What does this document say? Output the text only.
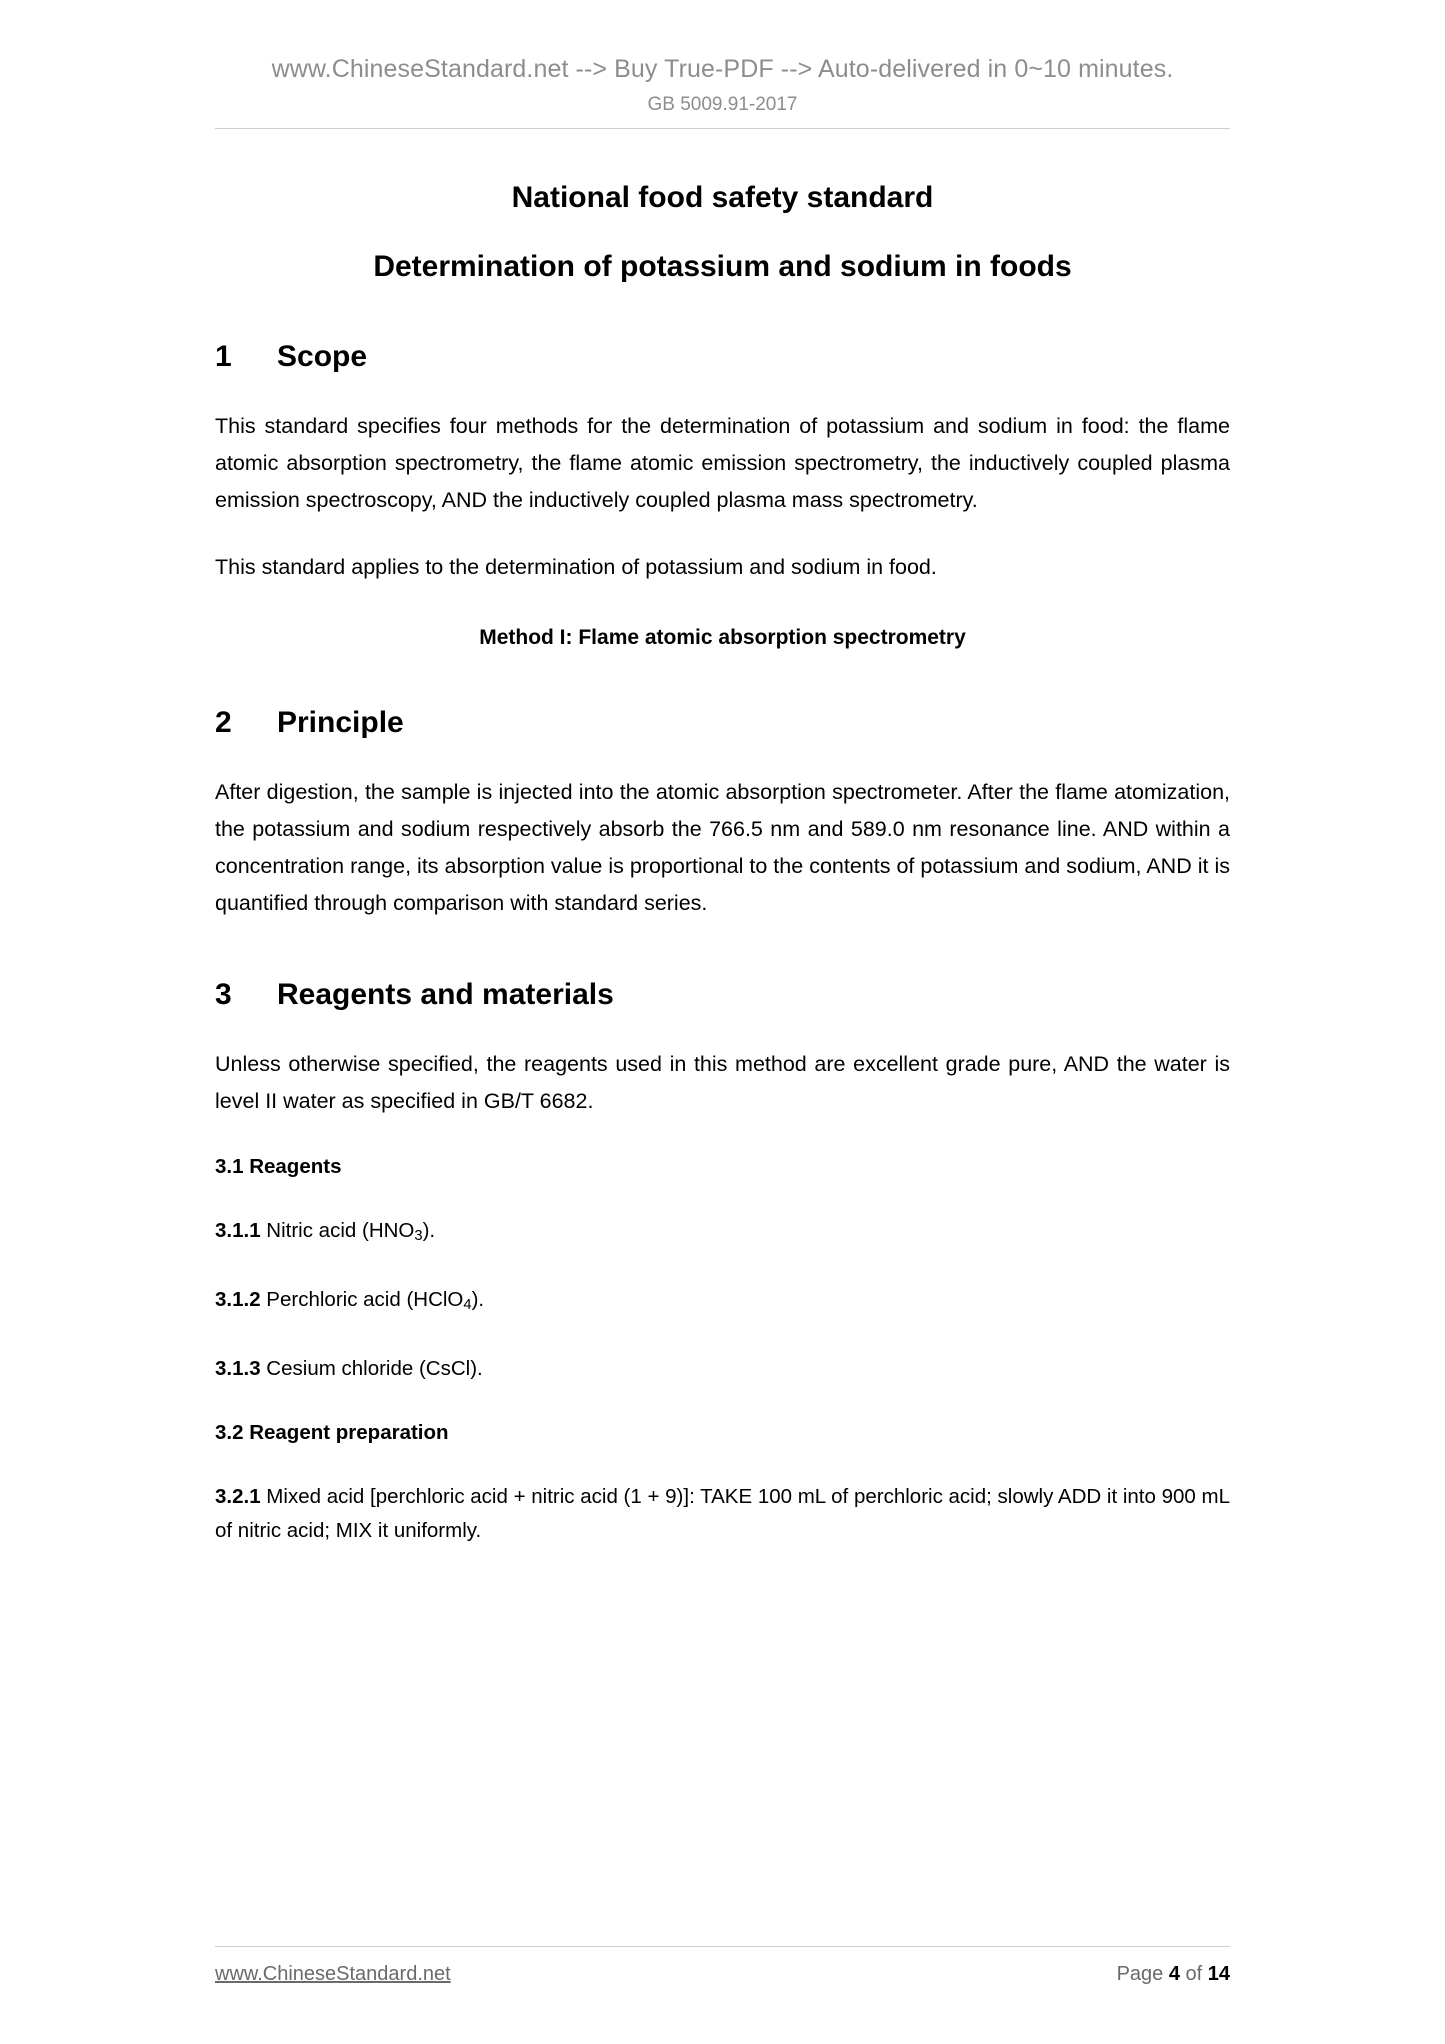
www.ChineseStandard.net --> Buy True-PDF --> Auto-delivered in 0~10 minutes.
GB 5009.91-2017
National food safety standard
Determination of potassium and sodium in foods
1	Scope

This standard specifies four methods for the determination of potassium and sodium in food: the flame atomic absorption spectrometry, the flame atomic emission spectrometry, the inductively coupled plasma emission spectroscopy, AND the inductively coupled plasma mass spectrometry.

This standard applies to the determination of potassium and sodium in food.

Method I: Flame atomic absorption spectrometry
2	Principle

After digestion, the sample is injected into the atomic absorption spectrometer. After the flame atomization, the potassium and sodium respectively absorb the 766.5 nm and 589.0 nm resonance line. AND within a concentration range, its absorption value is proportional to the contents of potassium and sodium, AND it is quantified through comparison with standard series.

3	Reagents and materials

Unless otherwise specified, the reagents used in this method are excellent grade pure, AND the water is level II water as specified in GB/T 6682.

3.1 Reagents

3.1.1 Nitric acid $(HNO_3)$.

3.1.2 Perchloric acid (HClO$_4$).

3.1.3 Cesium chloride (CsCl).

3.2 Reagent preparation

3.2.1 Mixed acid [perchloric acid + nitric acid (1 + 9)]: TAKE 100 mL of perchloric acid; slowly ADD it into 900 mL of nitric acid; MIX it uniformly.

www.ChineseStandard.net	Page 4 of 14
